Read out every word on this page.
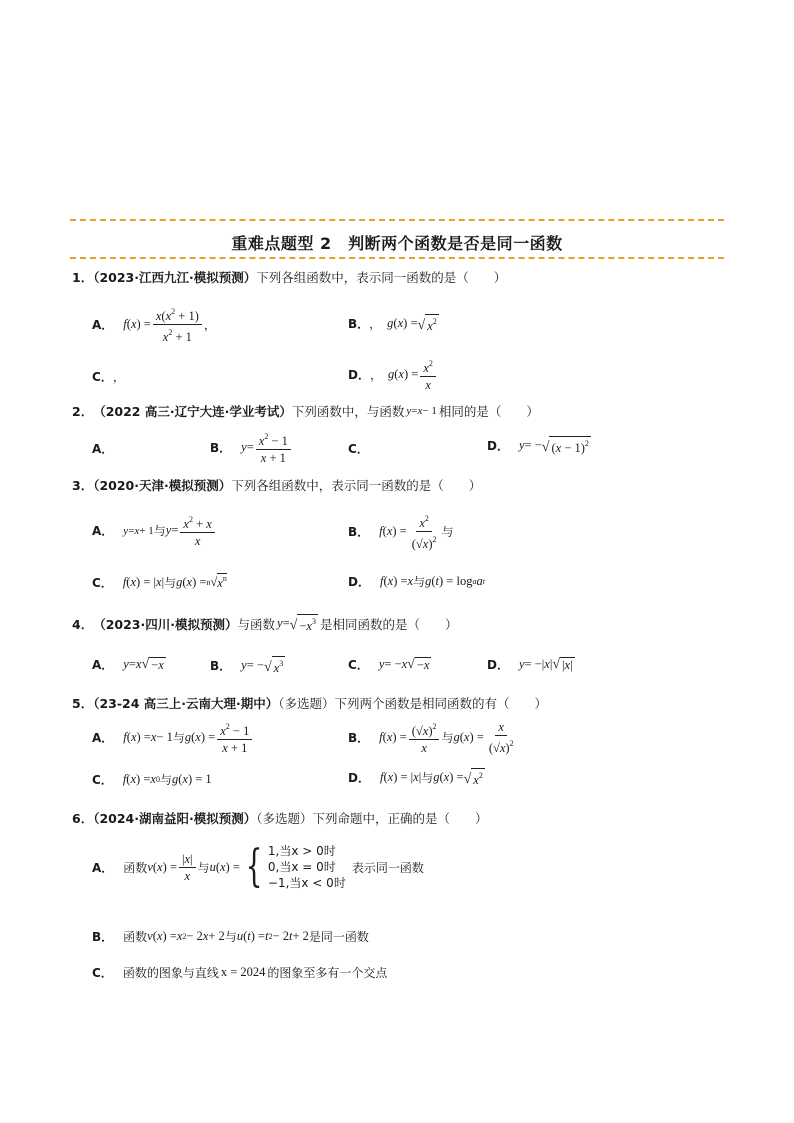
重难点题型 2　判断两个函数是否是同一函数
1．（2023·江西九江·模拟预测）下列各组函数中，表示同一函数的是（　　）
A． f ( x ) = $\frac{x(x^2 + 1)}{x^2 + 1}$ ，	B． ， g ( x ) = √ $x^2$
C． ，	D． ， g ( x ) = $\frac{x^2}{x}$
2． （2022 高三·辽宁大连·学业考试） 下列函数中，与函数 y = x − 1 相同的是（　　）
A．	B． $y = \frac{x^2 - 1}{x + 1}$	C．	D． y = − √ $(x - 1)^2$
3．（2020·天津·模拟预测）下列各组函数中，表示同一函数的是（　　）
A． y = x + 1 与 $y = \frac{x^2 + x}{x}$	B． f ( x ) = $\frac{x^2}{(√x)^2}$ 与
C． f ( x ) = | x | 与 g ( x ) = n √ $x^n$	D． f ( x ) = x 与 g ( t ) = log a a t
4． （2023·四川·模拟预测） 与函数 y = √ $-x^3$ 是相同函数的是（　　）
A． y = x √ −x	B． y = − √ $x^3$	C． y = − x √ −x	D． y = −| x | √ |x|
5．（23-24 高三上·云南大理·期中）（多选题）下列两个函数是相同函数的有（　　）
A． f ( x ) = x − 1 与 g ( x ) = $\frac{x^2 - 1}{x + 1}$	B． f ( x ) = $\frac{(√x)^2}{x}$ 与 g ( x ) = $\frac{x}{(√x)^2}$
C． f ( x ) = x 0 与 g ( x ) = 1	D． f ( x ) = | x | 与 g ( x ) = √ $x^2$
6．（2024·湖南益阳·模拟预测）（多选题）下列命题中，正确的是（　　）
A． 函数 v ( x ) = $\frac{|x|}{x}$ 与 u ( x ) = { 1,当x > 0时
0,当x = 0时
−1,当x < 0时
表示同一函数
B． 函数 v ( x ) = x 2 − 2 x + 2 与 u ( t ) = t 2 − 2 t + 2 是同一函数
C． 函数的图象与直线 x = 2024 的图象至多有一个交点
